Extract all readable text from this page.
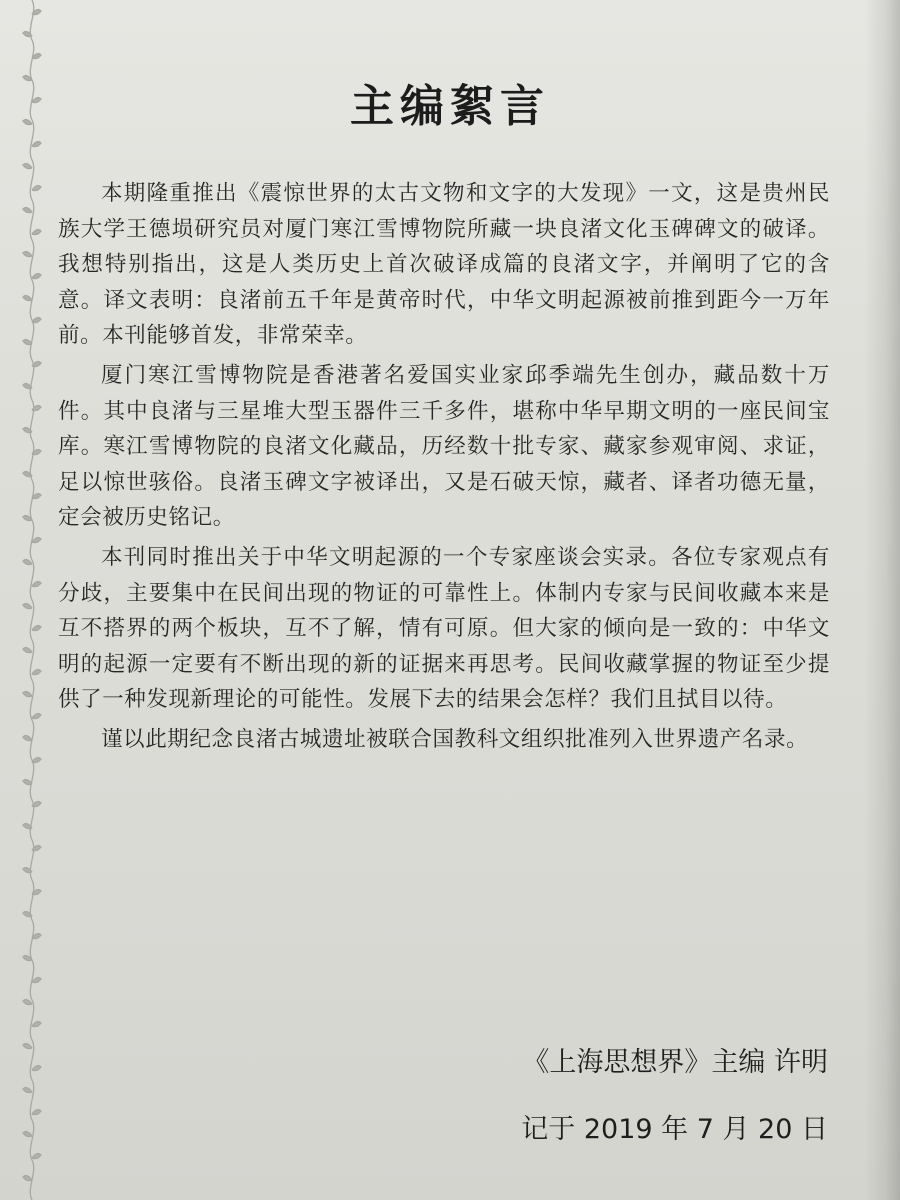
主编絮言

本期隆重推出《震惊世界的太古文物和文字的大发现》一文，这是贵州民族大学王德埙研究员对厦门寒江雪博物院所藏一块良渚文化玉碑碑文的破译。我想特别指出，这是人类历史上首次破译成篇的良渚文字，并阐明了它的含意。译文表明：良渚前五千年是黄帝时代，中华文明起源被前推到距今一万年前。本刊能够首发，非常荣幸。

厦门寒江雪博物院是香港著名爱国实业家邱季端先生创办，藏品数十万件。其中良渚与三星堆大型玉器件三千多件，堪称中华早期文明的一座民间宝库。寒江雪博物院的良渚文化藏品，历经数十批专家、藏家参观审阅、求证，足以惊世骇俗。良渚玉碑文字被译出，又是石破天惊，藏者、译者功德无量，定会被历史铭记。

本刊同时推出关于中华文明起源的一个专家座谈会实录。各位专家观点有分歧，主要集中在民间出现的物证的可靠性上。体制内专家与民间收藏本来是互不搭界的两个板块，互不了解，情有可原。但大家的倾向是一致的：中华文明的起源一定要有不断出现的新的证据来再思考。民间收藏掌握的物证至少提供了一种发现新理论的可能性。发展下去的结果会怎样？我们且拭目以待。

谨以此期纪念良渚古城遗址被联合国教科文组织批准列入世界遗产名录。

《上海思想界》主编 许明
记于 2019 年 7 月 20 日
